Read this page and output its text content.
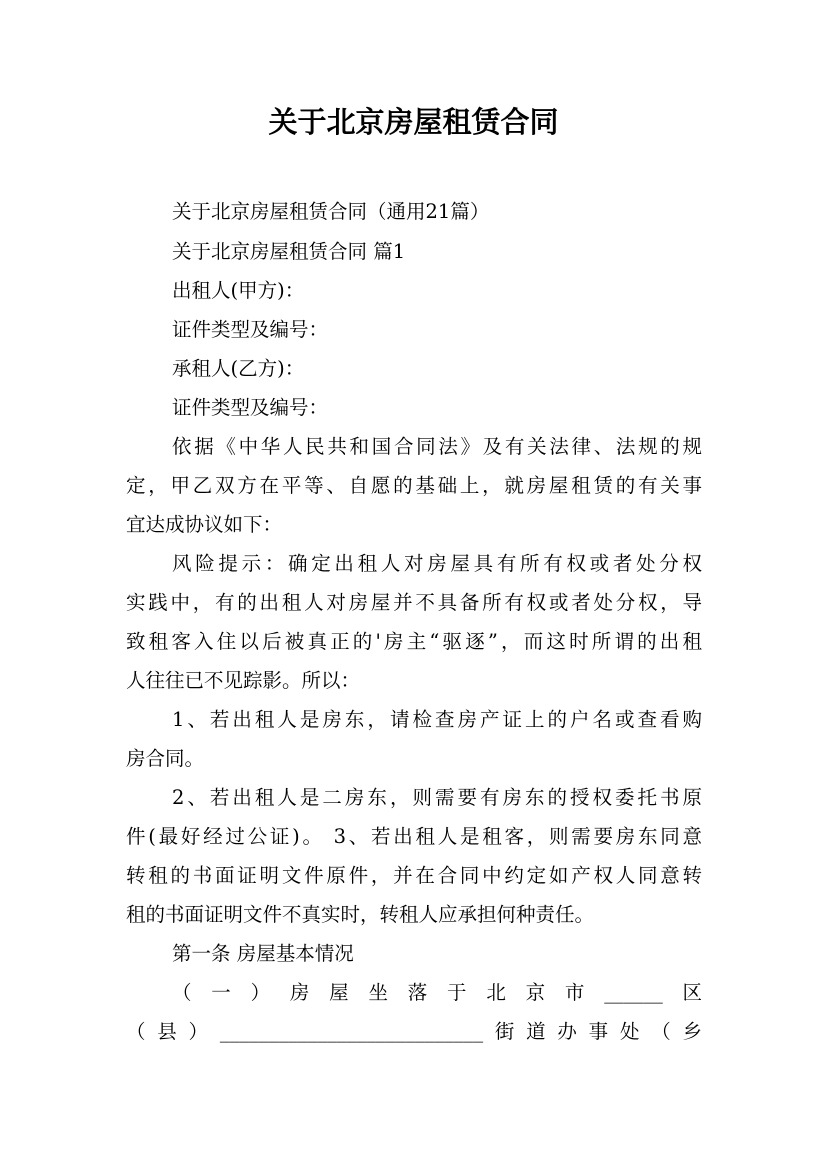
关于北京房屋租赁合同
关于北京房屋租赁合同（通用21篇）
关于北京房屋租赁合同 篇1
出租人(甲方)：
证件类型及编号：
承租人(乙方)：
证件类型及编号：
依据《中华人民共和国合同法》及有关法律、法规的规
定，甲乙双方在平等、自愿的基础上，就房屋租赁的有关事
宜达成协议如下：
风险提示：确定出租人对房屋具有所有权或者处分权
实践中，有的出租人对房屋并不具备所有权或者处分权，导
致租客入住以后被真正的'房主“驱逐”，而这时所谓的出租
人往往已不见踪影。所以：
1、若出租人是房东，请检查房产证上的户名或查看购
房合同。
2、若出租人是二房东，则需要有房东的授权委托书原
件(最好经过公证)。 3、若出租人是租客，则需要房东同意
转租的书面证明文件原件，并在合同中约定如产权人同意转
租的书面证明文件不真实时，转租人应承担何种责任。
第一条 房屋基本情况
（一）房屋坐落于北京市______区
（县）___________________________街道办事处（乡
